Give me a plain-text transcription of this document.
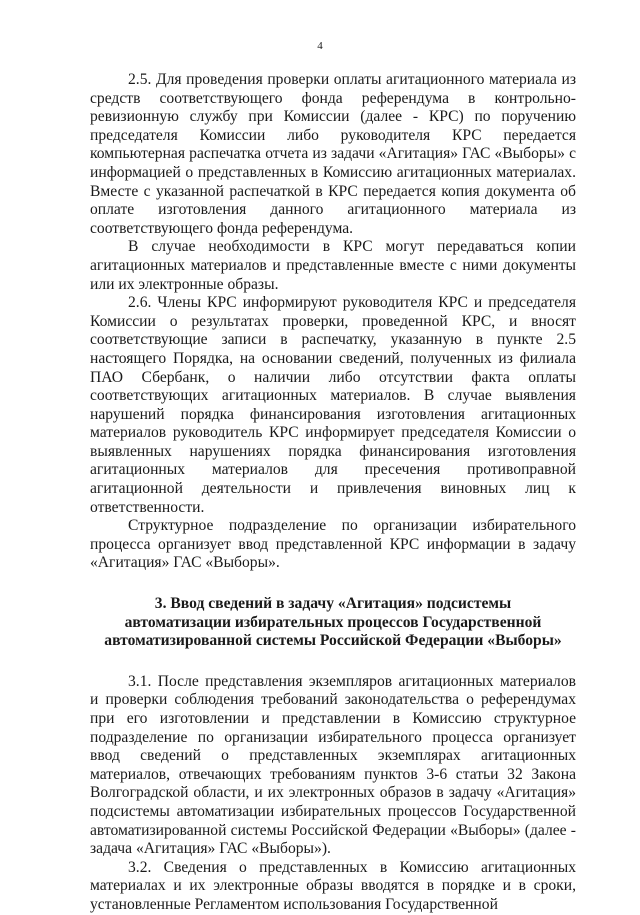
4

2.5. Для проведения проверки оплаты агитационного материала из средств соответствующего фонда референдума в контрольно-ревизионную службу при Комиссии (далее - КРС) по поручению председателя Комиссии либо руководителя КРС передается компьютерная распечатка отчета из задачи «Агитация» ГАС «Выборы» с информацией о представленных в Комиссию агитационных материалах. Вместе с указанной распечаткой в КРС передается копия документа об оплате изготовления данного агитационного материала из соответствующего фонда референдума.

В случае необходимости в КРС могут передаваться копии агитационных материалов и представленные вместе с ними документы или их электронные образы.

2.6. Члены КРС информируют руководителя КРС и председателя Комиссии о результатах проверки, проведенной КРС, и вносят соответствующие записи в распечатку, указанную в пункте 2.5 настоящего Порядка, на основании сведений, полученных из филиала ПАО Сбербанк, о наличии либо отсутствии факта оплаты соответствующих агитационных материалов. В случае выявления нарушений порядка финансирования изготовления агитационных материалов руководитель КРС информирует председателя Комиссии о выявленных нарушениях порядка финансирования изготовления агитационных материалов для пресечения противоправной агитационной деятельности и привлечения виновных лиц к ответственности.

Структурное подразделение по организации избирательного процесса организует ввод представленной КРС информации в задачу «Агитация» ГАС «Выборы».

3. Ввод сведений в задачу «Агитация» подсистемы
автоматизации избирательных процессов Государственной
автоматизированной системы Российской Федерации «Выборы»

3.1. После представления экземпляров агитационных материалов и проверки соблюдения требований законодательства о референдумах при его изготовлении и представлении в Комиссию структурное подразделение по организации избирательного процесса организует ввод сведений о представленных экземплярах агитационных материалов, отвечающих требованиям пунктов 3-6 статьи 32 Закона Волгоградской области, и их электронных образов в задачу «Агитация» подсистемы автоматизации избирательных процессов Государственной автоматизированной системы Российской Федерации «Выборы» (далее - задача «Агитация» ГАС «Выборы»).

3.2. Сведения о представленных в Комиссию агитационных материалах и их электронные образы вводятся в порядке и в сроки, установленные Регламентом использования Государственной
